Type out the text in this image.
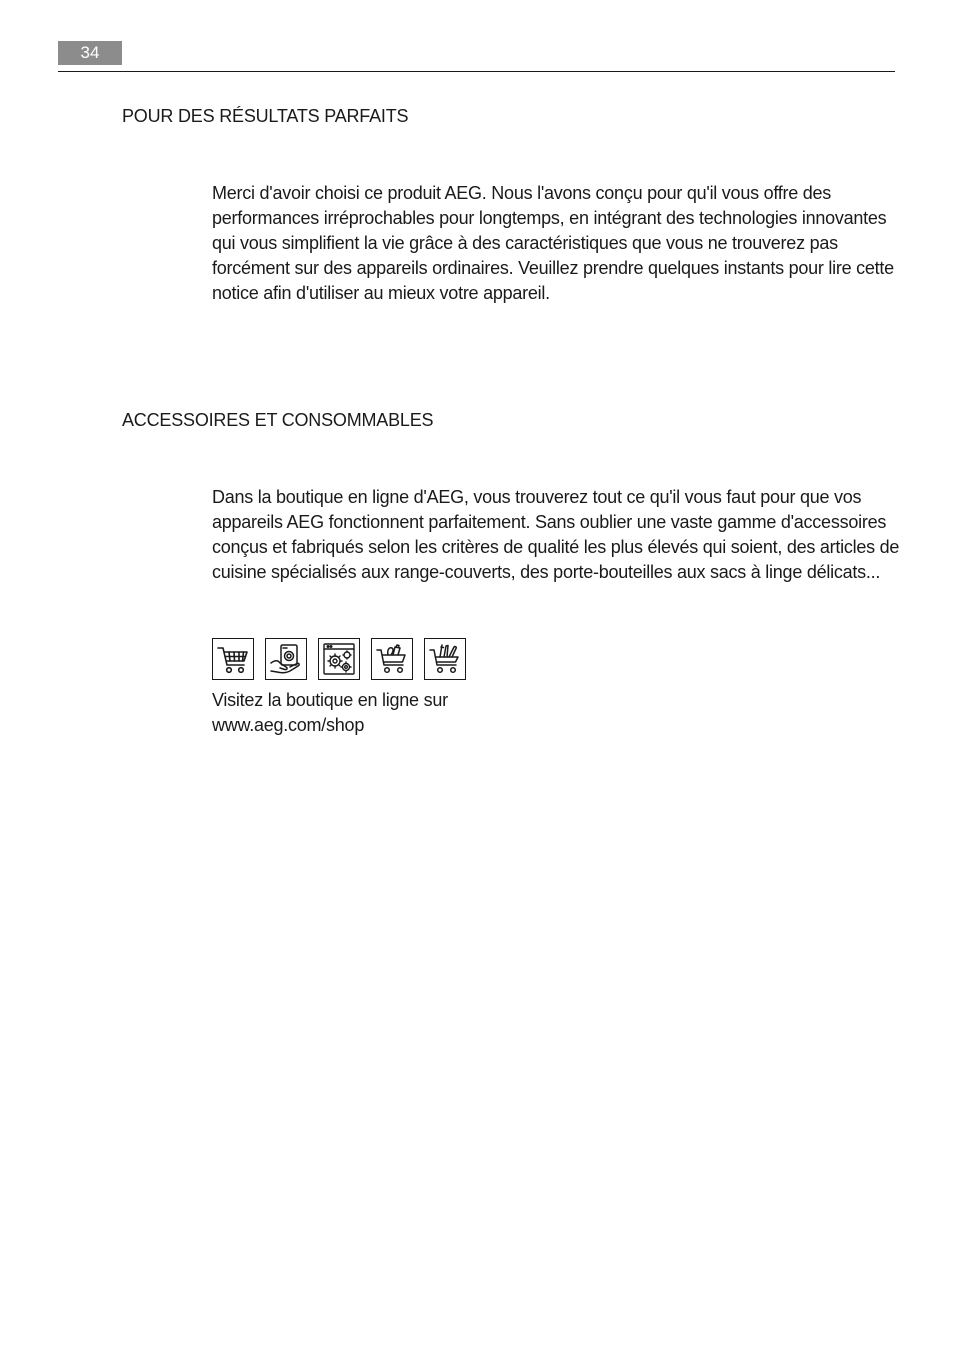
34
POUR DES RÉSULTATS PARFAITS

Merci d'avoir choisi ce produit AEG. Nous l'avons conçu pour qu'il vous offre des performances irréprochables pour longtemps, en intégrant des technologies innovantes qui vous simplifient la vie grâce à des caractéristiques que vous ne trouverez pas forcément sur des appareils ordinaires. Veuillez prendre quelques instants pour lire cette notice afin d'utiliser au mieux votre appareil.

ACCESSOIRES ET CONSOMMABLES

Dans la boutique en ligne d'AEG, vous trouverez tout ce qu'il vous faut pour que vos appareils AEG fonctionnent parfaitement. Sans oublier une vaste gamme d'accessoires conçus et fabriqués selon les critères de qualité les plus élevés qui soient, des articles de cuisine spécialisés aux range-couverts, des porte-bouteilles aux sacs à linge délicats...

Visitez la boutique en ligne sur
www.aeg.com/shop
